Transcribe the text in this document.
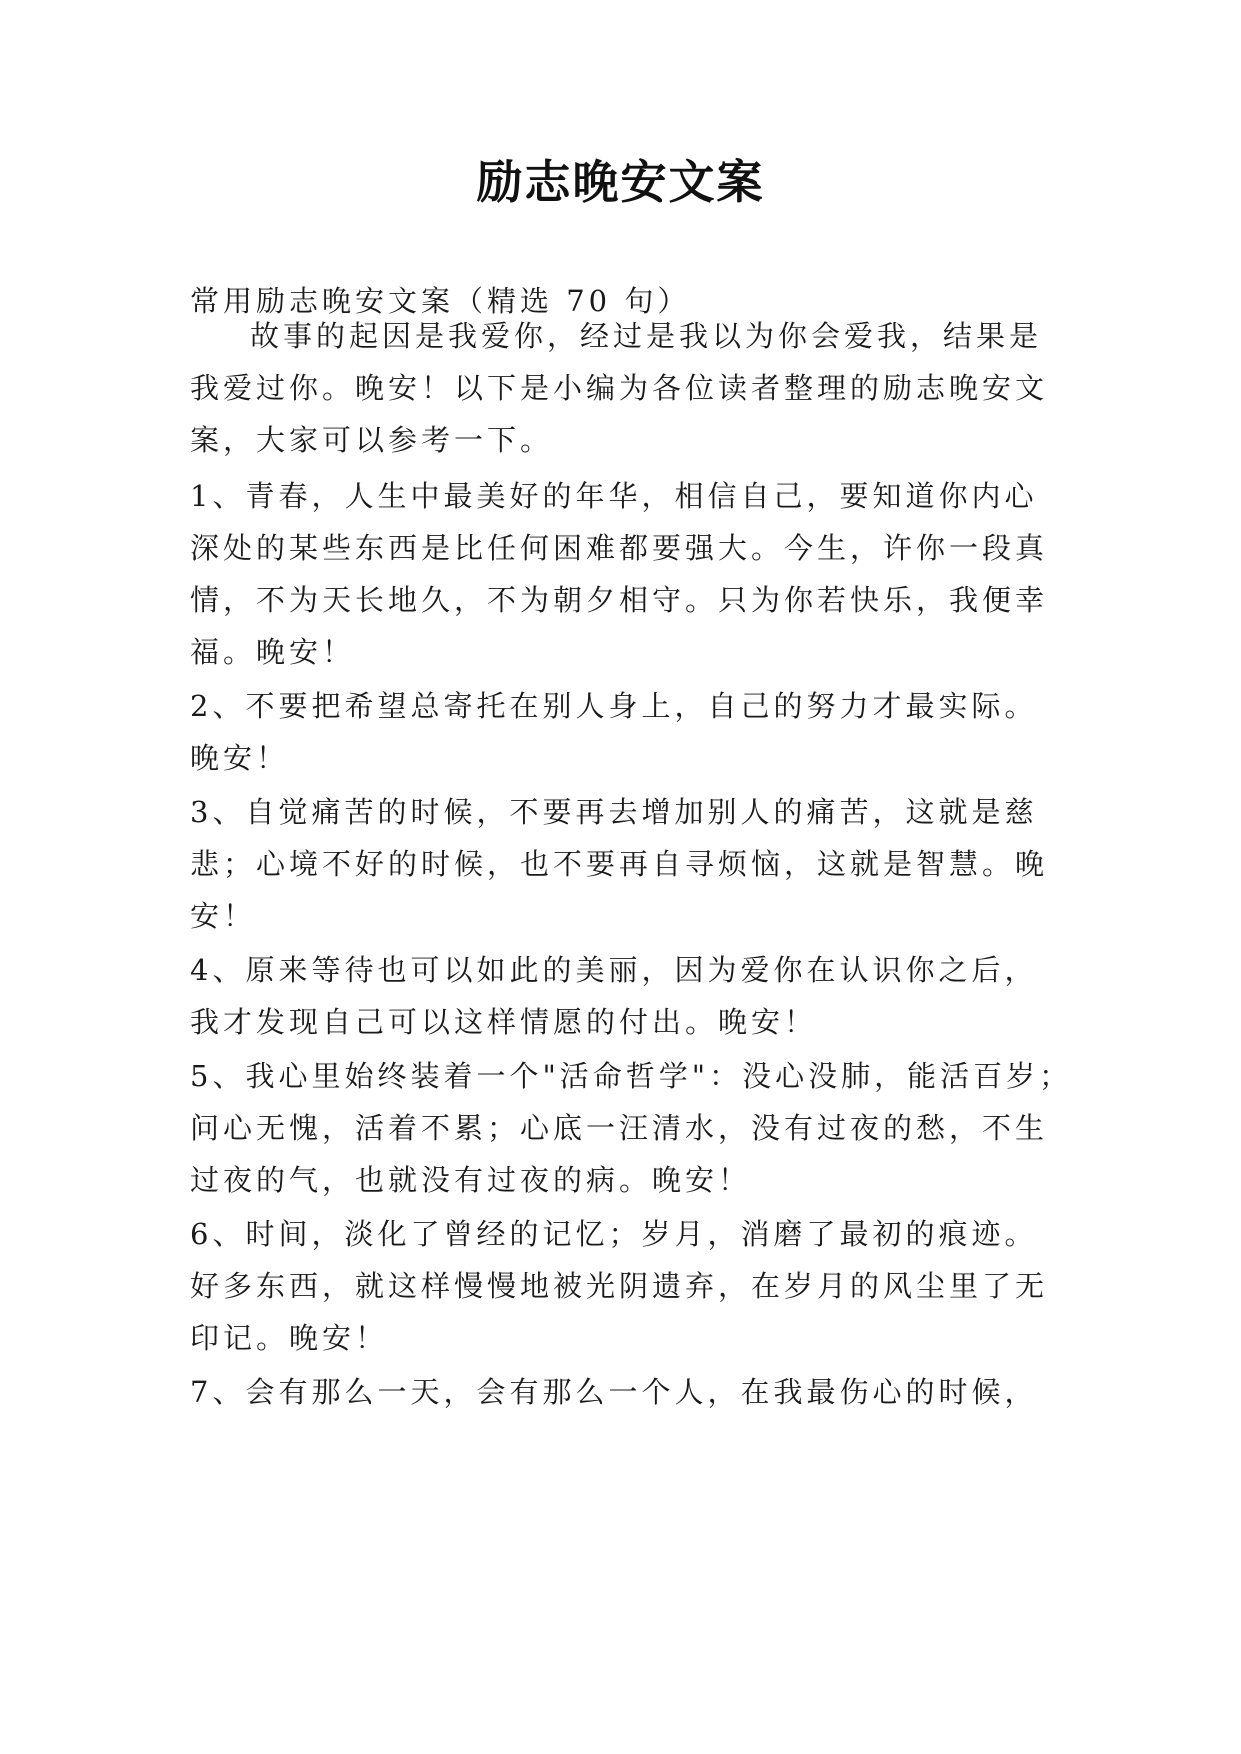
励志晚安文案
常用励志晚安文案（精选 70 句）
故事的起因是我爱你，经过是我以为你会爱我，结果是
我爱过你。晚安！以下是小编为各位读者整理的励志晚安文
案，大家可以参考一下。
1、青春，人生中最美好的年华，相信自己，要知道你内心
深处的某些东西是比任何困难都要强大。今生，许你一段真
情，不为天长地久，不为朝夕相守。只为你若快乐，我便幸
福。晚安！
2、不要把希望总寄托在别人身上，自己的努力才最实际。
晚安！
3、自觉痛苦的时候，不要再去增加别人的痛苦，这就是慈
悲；心境不好的时候，也不要再自寻烦恼，这就是智慧。晚
安！
4、原来等待也可以如此的美丽，因为爱你在认识你之后，
我才发现自己可以这样情愿的付出。晚安！
5、我心里始终装着一个"活命哲学"：没心没肺，能活百岁；
问心无愧，活着不累；心底一汪清水，没有过夜的愁，不生
过夜的气，也就没有过夜的病。晚安！
6、时间，淡化了曾经的记忆；岁月，消磨了最初的痕迹。
好多东西，就这样慢慢地被光阴遗弃，在岁月的风尘里了无
印记。晚安！
7、会有那么一天，会有那么一个人，在我最伤心的时候，
